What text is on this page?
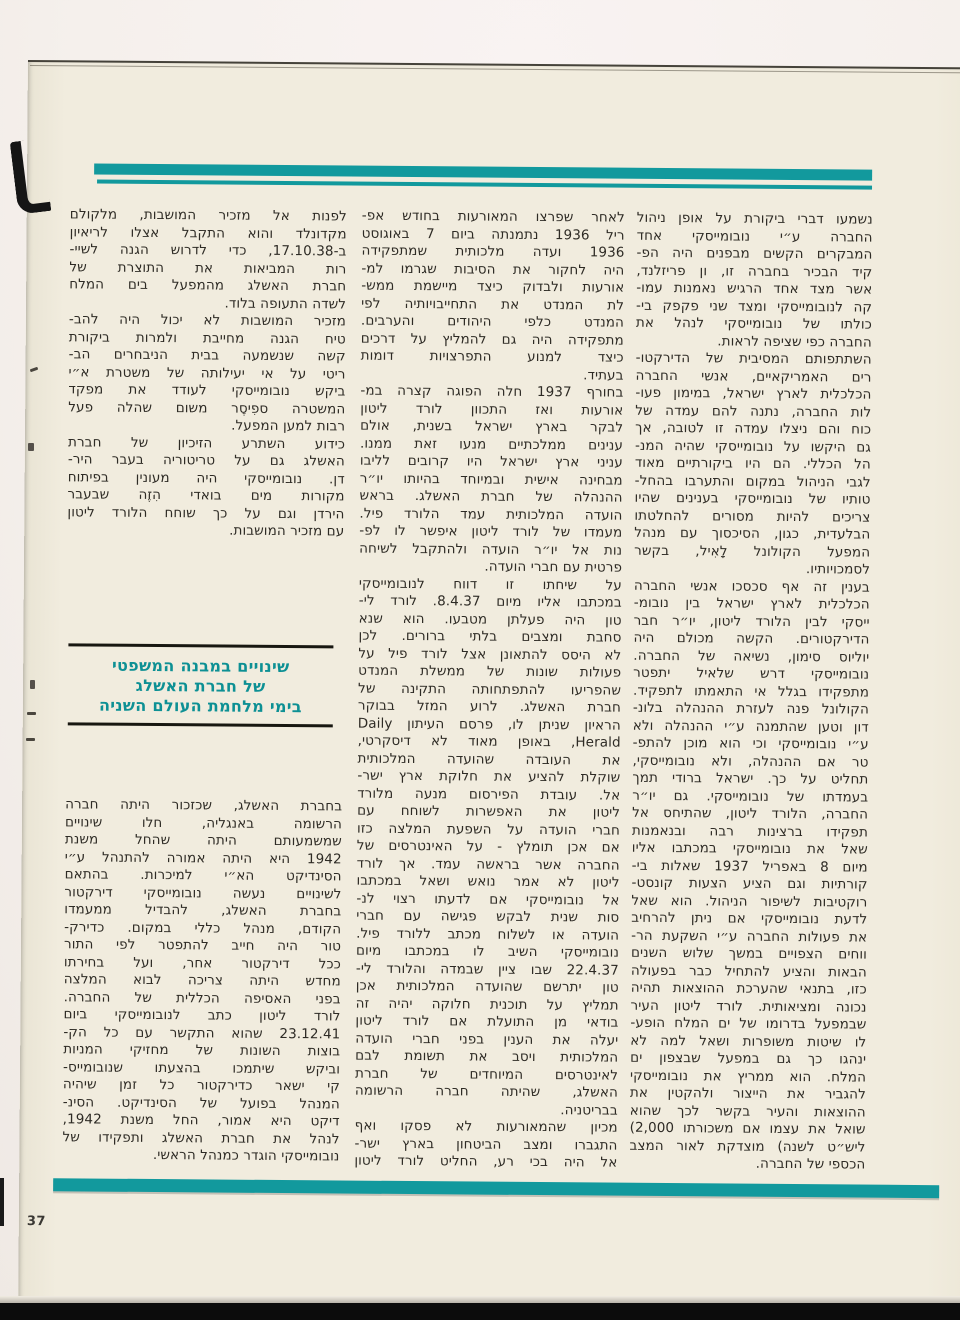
נשמעו דברי ביקורת על אופן ניהול
החברה ע״י נובומייסקי אחד
המבקרים הקשים מבפנים היה הפ-
קיד הבכיר בחברה זו, ון פריזלנד,
אשר מצד אחד הרגיש נאמנות עמו-
קה לנובומייסקי ומצד שני פקפק בי-
כולתו של נובומייסקי לנהל את
החברה כפי שציפה לראות.
השתתפותם המסיבית של הדירקטו-
רים האמריקאיים, אנשי החברה
הכלכלית לארץ ישראל, במימון פעו-
לות החברה, נתנה להם עמדה של
כוח והם ניצלו עמדה זו לטובה, אך
גם היקשו על נובומייסקי שהיה המנ-
הל הכללי. הם היו ביקורתיים מאוד
לגבי הניהול במקום והתערבו בהחל-
טותיו של נובומייסקי בענינים שהיו
צריכים להיות מסורים להחלטתו
הבלעדית, כגון, הסיכסוך עם מנהל
המפעל הקולונל לָאִיל, בקשר
לסמכויותיו.
בענין זה אף סכסכו אנשי החברה
הכלכלית לארץ ישראל בין נובומ-
ייסקי לבין הלורד ליטון, יו״ר חבר
הדירקטורים. הקשה מכולם היה
יוליוס סימון, נשיאה של החברה.
נובומייסקי דרש שלאיל יתפטר
מתפקידו בגלל אי התאמתו לתפקיד.
הקולונל פנה לעזרת ההנהלה בלונ-
דון וטען שהתמנה ע״י ההנהלה ולא
ע״י נובומייסקי וכי הוא מוכן להתפ-
טר אם ההנהלה, ולא נובומייסקי,
תחליט על כך. ישראל ברודי תמך
בעמדתו של נובומייסקי. גם יו״ר
החברה, הלורד ליטון, שהתיחס אל
תפקידו ברצינות רבה ובנאמנות
שאל את נובומייסקי במכתבו אליו
מיום 8 באפריל 1937 שאלות בי-
קורתיות וגם הציע הצעות קונסט-
רוקטיבות לשיפור הניהול. הוא שאל
לדעת נובומייסקי אם ניתן להרחיב
את פעולות החברה ע״י השקעת הר-
ווחים הצפויים במשך שלוש השנים
הבאות והציע להתחיל כבר בפעולה
כזו, בתנאי שהערכת ההוצאות תהיה
נכונה ומציאותית. לורד ליטון העיר
שבמפעל בדרומו של ים המלח הופע-
לו שיטות משופרות ושאל למה לא
ינהגו כך גם במפעל שבצפון ים
המלח. הוא ממריץ את נובומייסקי
להגביר את הייצור ולהקטין את
ההוצאות והעיר בקשר לכך שהוא
שואל את עצמו אם משכורתו ‎(2,000
ליש״ט לשנה) מוצדקת לאור המצב
הכספי של החברה.
לאחר שפרצו המאורעות בחודש אפ-
ריל 1936 נתמנתה ביום 7 באוגוסט
1936 ועדה מלכותית שמתפקידה
היה לחקור את הסיבות שגרמו למ-
אורעות ולבדוק כיצד מיישמת ממש-
לת המנדט את התחייבויותיה לפי
המנדט כלפי היהודים והערבים.
מתפקידה היה גם להמליץ על דרכים
כיצד למנוע התפרצויות דומות
בעתיד.
בחורף 1937 חלה הפוגה קצרה במ-
אורעות ואז התכוון לורד ליטון
לבקר בארץ ישראל בשנית, אולם
ענינים ממלכתיים מנעו זאת ממנו.
עניני ארץ ישראל היו קרובים לליבו
מבחינה אישית ובמיוחד בהיותו יו״ר
ההנהלה של חברת האשלג. בראש
הועדה המלכותית עמד הלורד פיל.
מעמדו של לורד ליטון איפשר לו לפ-
נות אל יו״ר הועדה ולהתקבל לשיחה
פרטית עם חברי הועדה.
על שיחתו זו דווח לנובומייסקי
במכתבו אליו מיום 8.4.37. לורד לי-
טון היה פעלתן מטבעו. הוא שנא
סחבת ומצבים בלתי ברורים. לכן
לא היסס להתאונן אצל לורד פיל על
פעולות שונות של ממשלת המנדט
שהפריעו להתפתחותה התקינה של
חברת האשלג. לרוע המזל בבוקר
הראיון שניתן לו, פרסם העיתון Daily
Herald, באופן מאוד לא דיסקרטי,
את העובדה שהועדה המלכותית
שוקלת להציע את חלוקת ארץ ישר-
אל. עובדת הפירסום מנעה מלורד
ליטון את האפשרות לשוחח עם
חברי הועדה על השפעת המלצה כזו
אם אכן תומלץ - על האינטרסים של
החברה אשר בראשה עמד. אך לורד
ליטון לא אמר נואש ושאל במכתבו
אל נובומייסקי אם לדעתו רצוי לנ-
סות שנית לבקש פגישה עם חברי
הועדה או לשלוח מכתב ללורד פיל.
נובומייסקי השיב לו במכתבו מיום
22.4.37 שבו ציין שבמדה והלורד לי-
טון יתרשם שהועדה המלכותית אכן
תמליץ על תוכנית חלוקה יהיה זה
בודאי מן התועלת אם לורד ליטון
יעלה את הענין בפני חברי הועדה
המלכותית ויסב את תשומת לבם
לאינטרסים המיוחדים של חברת
האשלג, שהיתה חברה הרשומה
בבריטניה.
מכיון שהמאורעות לא פסקו ואף
התגברו ומצב הביטחון בארץ ישר-
אל היה בכי רע, החליט לורד ליטון
לפנות אל מזכיר המושבות, מלקולם
מקדונלד והוא התקבל אצלו לריאיון
ב-17.10.38, כדי לדרוש הגנה לשיי-
רות המביאות את התוצרת של
חברת האשלג מהמפעל בים המלח
לשדה התעופה בלוד.
מזכיר המושבות לא יכול היה להב-
טיח הגנה מחייבת ולמרות ביקורת
קשה שנשמעה בבית הניבחרים הב-
ריטי על אי יעילותה של משטרת א״י
ביקש נובומייסקי לעודד את מפקד
המשטרה ספִיסֶר משום שהלה פעל
רבות למען המפעל.
כידוע השתרע הזיכיון של חברת
האשלג גם על טריטוריה בעבר היר-
דן. נובומייסקי היה מעונין בפיתוח
מקורות מים בואדי הִזֶה שבעבר
הירדן וגם על כך שוחח הלורד ליטון
עם מזכיר המושבות.
שינויים במבנה המשפטי
של חברת האשלג
בימי מלחמת העולם השניה
בחברת האשלג, שכזכור היתה חברה
הרשומה באנגליה, חלו שינויים
שמשמעותם היתה שהחל משנת
1942 היא היתה אמורה להתנהל ע״י
הסינדיקט הא״י למיכרות. בהתאם
לשינויים נעשה נובומייסקי דירקטור
בחברת האשלג, להבדיל ממעמדו
הקודם, מנהל כללי במקום. כדירק-
טור היה חייב להתפטר לפי התור
ככל דירקטור אחר, ועל בחירתו
מחדש היתה צריכה לבוא המלצה
בפני האסיפה הכללית של החברה.
לורד ליטון כתב לנובומייסקי ביום
23.12.41 שהוא התקשר עם כל הק-
בוצות השונות של מחזיקי המניות
וביקש שיתמכו בהצעתו שנובומייס-
קי ישאר כדירקטור כל זמן שיהיה
המנהל בפועל של הסינדיקט. הסינ-
דיקט היא אמור, החל משנת 1942,
לנהל את חברת האשלג ותפקידו של
נובומייסקי הוגדר כמנהל הראשי.
37
